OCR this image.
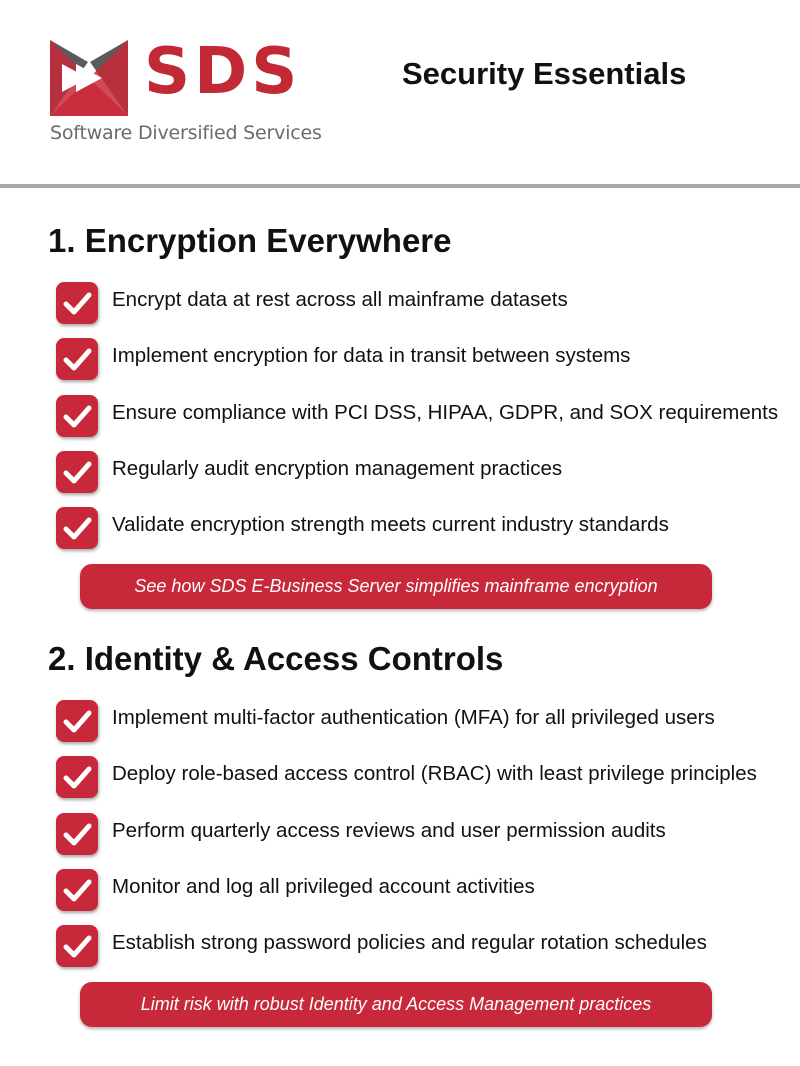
SDS
Software Diversified Services
Security Essentials
1. Encryption Everywhere
Encrypt data at rest across all mainframe datasets
Implement encryption for data in transit between systems
Ensure compliance with PCI DSS, HIPAA, GDPR, and SOX requirements
Regularly audit encryption management practices
Validate encryption strength meets current industry standards
See how SDS E-Business Server simplifies mainframe encryption
2. Identity & Access Controls
Implement multi-factor authentication (MFA) for all privileged users
Deploy role-based access control (RBAC) with least privilege principles
Perform quarterly access reviews and user permission audits
Monitor and log all privileged account activities
Establish strong password policies and regular rotation schedules
Limit risk with robust Identity and Access Management practices
